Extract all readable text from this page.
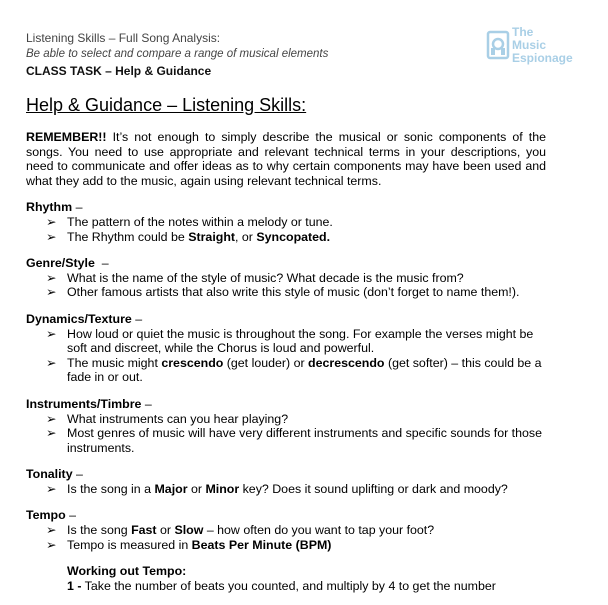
Listening Skills – Full Song Analysis:
Be able to select and compare a range of musical elements
CLASS TASK – Help & Guidance
The
Music
Espionage
Help & Guidance – Listening Skills:

REMEMBER!! It’s not enough to simply describe the musical or sonic components of the songs. You need to use appropriate and relevant technical terms in your descriptions, you need to communicate and offer ideas as to why certain components may have been used and what they add to the music, again using relevant technical terms.

Rhythm –
➢ The pattern of the notes within a melody or tune.
➢ The Rhythm could be Straight, or Syncopated.
Genre/Style  –
➢ What is the name of the style of music? What decade is the music from?
➢ Other famous artists that also write this style of music (don’t forget to name them!).
Dynamics/Texture –
➢ How loud or quiet the music is throughout the song. For example the verses might be soft and discreet, while the Chorus is loud and powerful.
➢ The music might crescendo (get louder) or decrescendo (get softer) – this could be a fade in or out.
Instruments/Timbre –
➢ What instruments can you hear playing?
➢ Most genres of music will have very different instruments and specific sounds for those instruments.
Tonality –
➢ Is the song in a Major or Minor key? Does it sound uplifting or dark and moody?
Tempo –
➢ Is the song Fast or Slow – how often do you want to tap your foot?
➢ Tempo is measured in Beats Per Minute (BPM)
Working out Tempo:
1 - Take the number of beats you counted, and multiply by 4 to get the number
